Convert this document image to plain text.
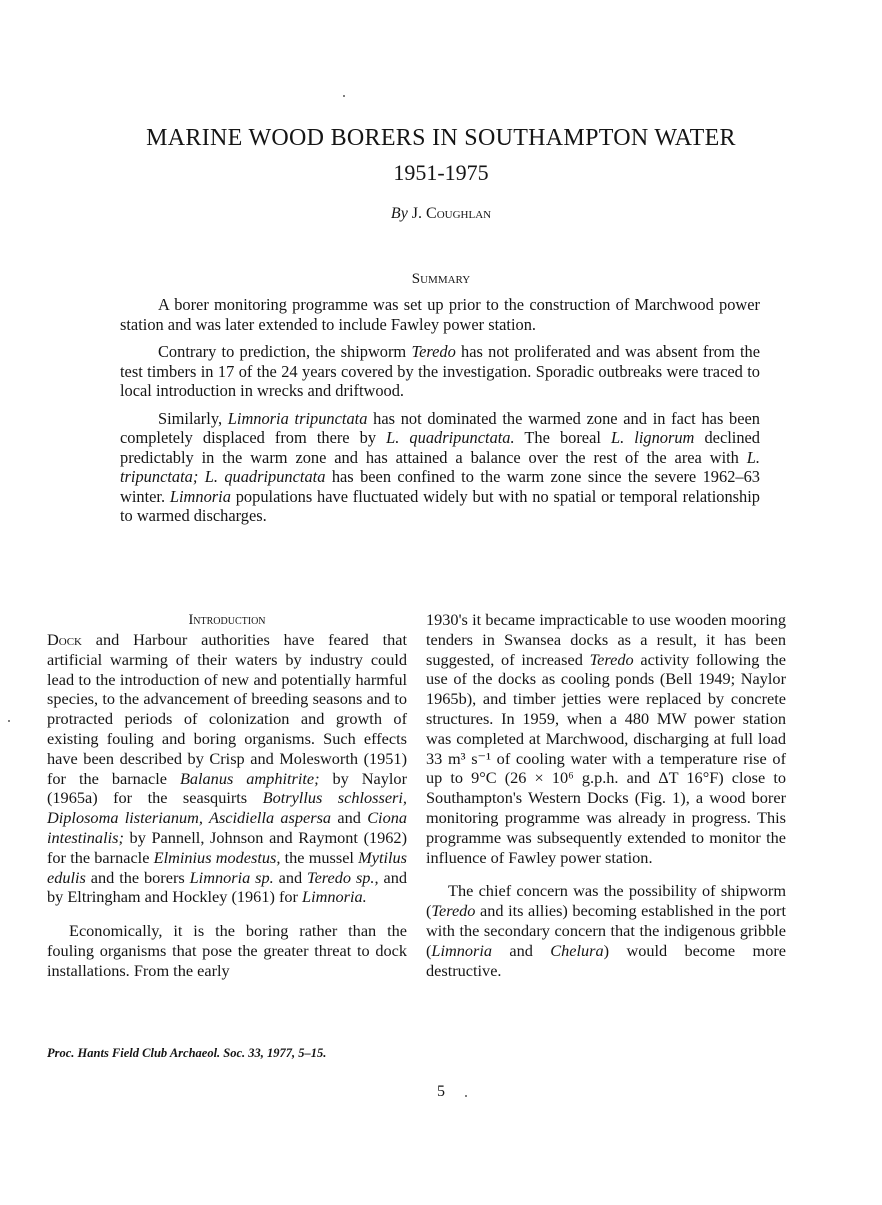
MARINE WOOD BORERS IN SOUTHAMPTON WATER
1951-1975
By J. Coughlan
Summary

A borer monitoring programme was set up prior to the construction of Marchwood power station and was later extended to include Fawley power station.

Contrary to prediction, the shipworm Teredo has not proliferated and was absent from the test timbers in 17 of the 24 years covered by the investigation. Sporadic outbreaks were traced to local introduction in wrecks and driftwood.

Similarly, Limnoria tripunctata has not dominated the warmed zone and in fact has been completely displaced from there by L. quadripunctata. The boreal L. lignorum declined predictably in the warm zone and has attained a balance over the rest of the area with L. tripunctata; L. quadripunctata has been confined to the warm zone since the severe 1962–63 winter. Limnoria populations have fluctuated widely but with no spatial or temporal relationship to warmed discharges.

Introduction

Dock and Harbour authorities have feared that artificial warming of their waters by industry could lead to the introduction of new and potentially harmful species, to the advancement of breeding seasons and to protracted periods of colonization and growth of existing fouling and boring organisms. Such effects have been described by Crisp and Molesworth (1951) for the barnacle Balanus amphitrite; by Naylor (1965a) for the seasquirts Botryllus schlosseri, Diplosoma listerianum, Ascidiella aspersa and Ciona intestinalis; by Pannell, Johnson and Raymont (1962) for the barnacle Elminius modestus, the mussel Mytilus edulis and the borers Limnoria sp. and Teredo sp., and by Eltringham and Hockley (1961) for Limnoria.

Economically, it is the boring rather than the fouling organisms that pose the greater threat to dock installations. From the early

1930's it became impracticable to use wooden mooring tenders in Swansea docks as a result, it has been suggested, of increased Teredo activity following the use of the docks as cooling ponds (Bell 1949; Naylor 1965b), and timber jetties were replaced by concrete structures. In 1959, when a 480 MW power station was completed at Marchwood, discharging at full load 33 m³ s⁻¹ of cooling water with a temperature rise of up to 9°C (26 × 10⁶ g.p.h. and ΔT 16°F) close to Southampton's Western Docks (Fig. 1), a wood borer monitoring programme was already in progress. This programme was subsequently extended to monitor the influence of Fawley power station.

The chief concern was the possibility of shipworm (Teredo and its allies) becoming established in the port with the secondary concern that the indigenous gribble (Limnoria and Chelura) would become more destructive.

Proc. Hants Field Club Archaeol. Soc. 33, 1977, 5–15.
5
